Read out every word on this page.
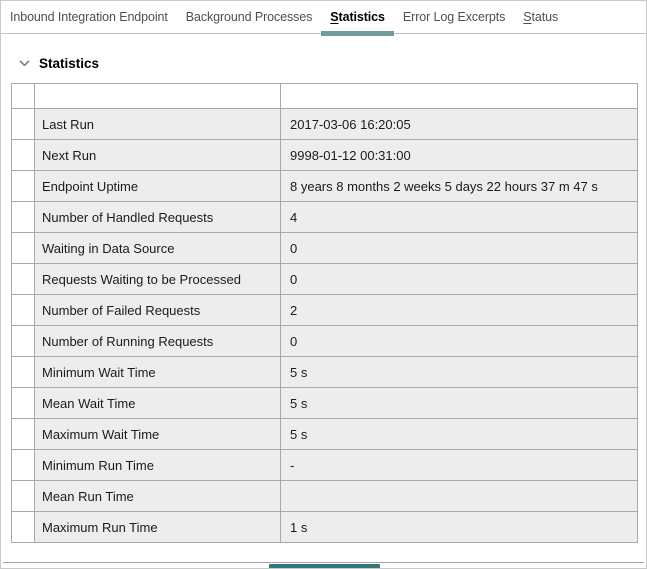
Inbound Integration Endpoint	Background Processes	Statistics	Error Log Excerpts	Status
Statistics

	Last Run	2017-03-06 16:20:05
	Next Run	9998-01-12 00:31:00
	Endpoint Uptime	8 years 8 months 2 weeks 5 days 22 hours 37 m 47 s
	Number of Handled Requests	4
	Waiting in Data Source	0
	Requests Waiting to be Processed	0
	Number of Failed Requests	2
	Number of Running Requests	0
	Minimum Wait Time	5 s
	Mean Wait Time	5 s
	Maximum Wait Time	5 s
	Minimum Run Time	-
	Mean Run Time	
	Maximum Run Time	1 s
